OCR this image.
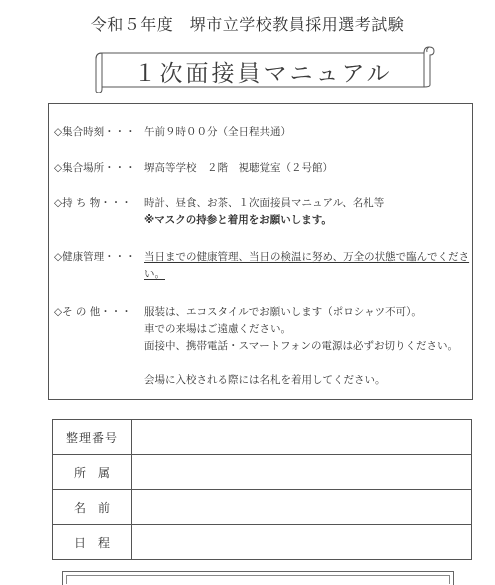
令和５年度　堺市立学校教員採用選考試験
１次面接員マニュアル
◇集合時刻・・・ 午前９時００分（全日程共通）
◇集合場所・・・ 堺高等学校　２階　視聴覚室（２号館）
◇持 ち 物・・・ 時計、昼食、お茶、１次面接員マニュアル、名札等
※マスクの持参と着用をお願いします。
◇健康管理・・・ 当日までの健康管理、当日の検温に努め、万全の状態で臨んでください。
◇そ の 他・・・ 服装は、エコスタイルでお願いします（ポロシャツ不可）。
車での来場はご遠慮ください。
面接中、携帯電話・スマートフォンの電源は必ずお切りください。
会場に入校される際には名札を着用してください。
整理番号	
所属	
名前	
日程	
